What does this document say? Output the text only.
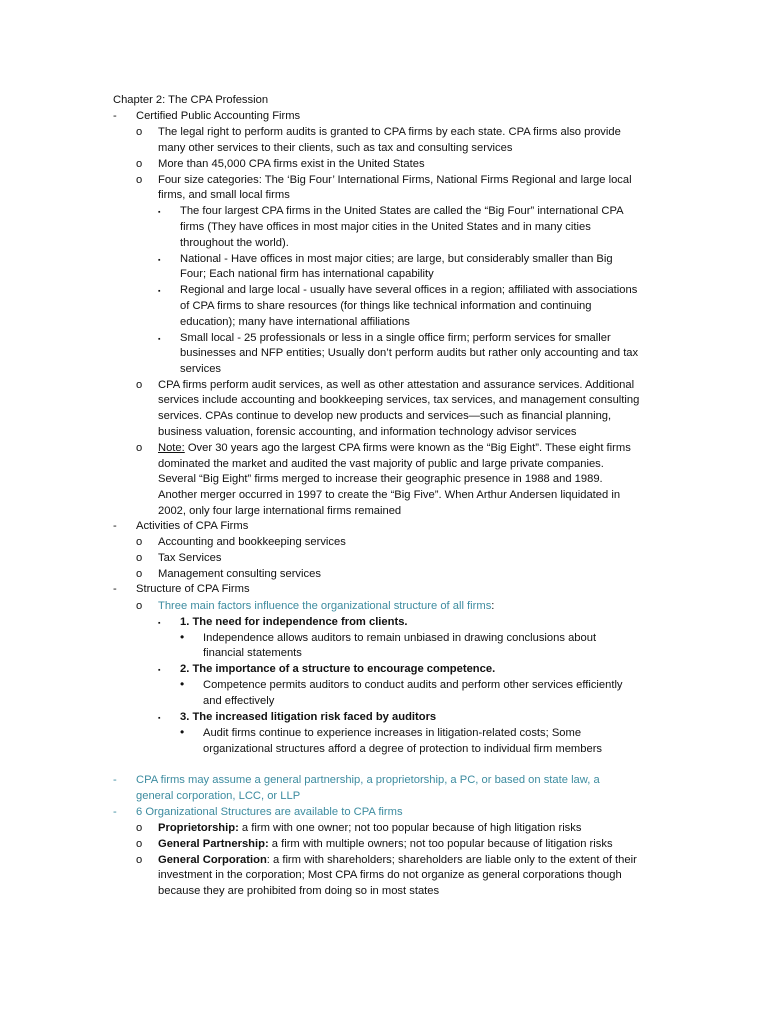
Chapter 2: The CPA Profession
- Certified Public Accounting Firms
o The legal right to perform audits is granted to CPA firms by each state. CPA firms also provide
many other services to their clients, such as tax and consulting services
o More than 45,000 CPA firms exist in the United States
o Four size categories: The ‘Big Four’ International Firms, National Firms Regional and large local
firms, and small local firms
▪ The four largest CPA firms in the United States are called the “Big Four” international CPA
firms (They have offices in most major cities in the United States and in many cities
throughout the world).
▪ National - Have offices in most major cities; are large, but considerably smaller than Big
Four; Each national firm has international capability
▪ Regional and large local - usually have several offices in a region; affiliated with associations
of CPA firms to share resources (for things like technical information and continuing
education); many have international affiliations
▪ Small local - 25 professionals or less in a single office firm; perform services for smaller
businesses and NFP entities; Usually don’t perform audits but rather only accounting and tax
services
o CPA firms perform audit services, as well as other attestation and assurance services. Additional
services include accounting and bookkeeping services, tax services, and management consulting
services. CPAs continue to develop new products and services—such as financial planning,
business valuation, forensic accounting, and information technology advisor services
o Note: Over 30 years ago the largest CPA firms were known as the “Big Eight”. These eight firms
dominated the market and audited the vast majority of public and large private companies.
Several “Big Eight” firms merged to increase their geographic presence in 1988 and 1989.
Another merger occurred in 1997 to create the “Big Five”. When Arthur Andersen liquidated in
2002, only four large international firms remained
- Activities of CPA Firms
o Accounting and bookkeeping services
o Tax Services
o Management consulting services
- Structure of CPA Firms
o Three main factors influence the organizational structure of all firms:
▪ 1. The need for independence from clients.
• Independence allows auditors to remain unbiased in drawing conclusions about
financial statements
▪ 2. The importance of a structure to encourage competence.
• Competence permits auditors to conduct audits and perform other services efficiently
and effectively
▪ 3. The increased litigation risk faced by auditors
• Audit firms continue to experience increases in litigation-related costs; Some
organizational structures afford a degree of protection to individual firm members
- CPA firms may assume a general partnership, a proprietorship, a PC, or based on state law, a
general corporation, LCC, or LLP
- 6 Organizational Structures are available to CPA firms
o Proprietorship: a firm with one owner; not too popular because of high litigation risks
o General Partnership: a firm with multiple owners; not too popular because of litigation risks
o General Corporation: a firm with shareholders; shareholders are liable only to the extent of their
investment in the corporation; Most CPA firms do not organize as general corporations though
because they are prohibited from doing so in most states
